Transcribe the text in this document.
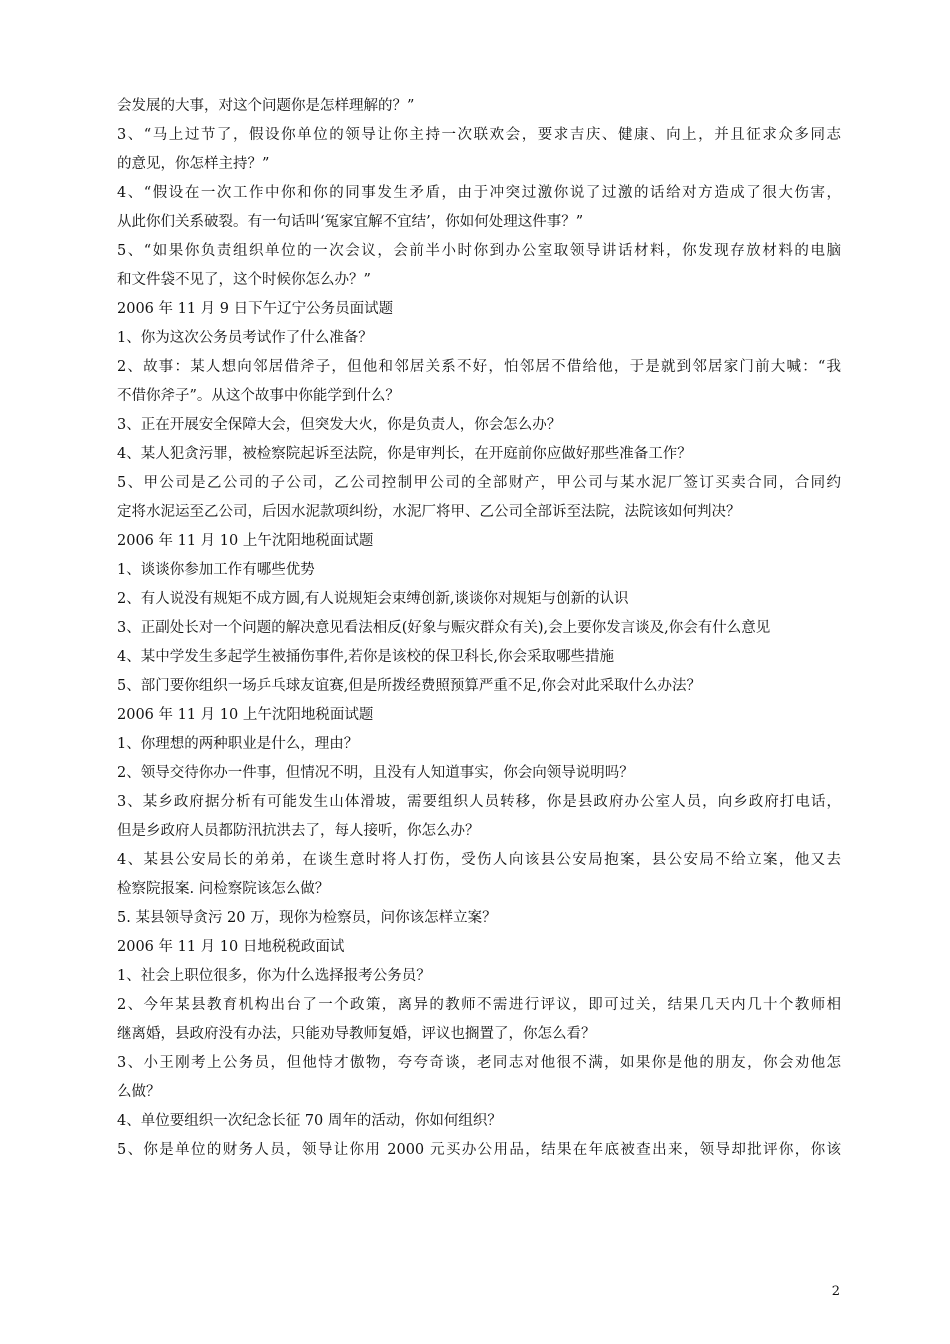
会发展的大事，对这个问题你是怎样理解的？”
3、“马上过节了，假设你单位的领导让你主持一次联欢会，要求吉庆、健康、向上，并且征求众多同志
的意见，你怎样主持？”
4、“假设在一次工作中你和你的同事发生矛盾，由于冲突过激你说了过激的话给对方造成了很大伤害，
从此你们关系破裂。有一句话叫‘冤家宜解不宜结’，你如何处理这件事？”
5、“如果你负责组织单位的一次会议，会前半小时你到办公室取领导讲话材料，你发现存放材料的电脑
和文件袋不见了，这个时候你怎么办？”
2006 年 11 月 9 日下午辽宁公务员面试题
1、你为这次公务员考试作了什么准备？
2、故事：某人想向邻居借斧子，但他和邻居关系不好，怕邻居不借给他，于是就到邻居家门前大喊：“我
不借你斧子”。从这个故事中你能学到什么？
3、正在开展安全保障大会，但突发大火，你是负责人，你会怎么办？
4、某人犯贪污罪，被检察院起诉至法院，你是审判长，在开庭前你应做好那些准备工作？
5、甲公司是乙公司的子公司，乙公司控制甲公司的全部财产，甲公司与某水泥厂签订买卖合同，合同约
定将水泥运至乙公司，后因水泥款项纠纷，水泥厂将甲、乙公司全部诉至法院，法院该如何判决？
2006 年 11 月 10 上午沈阳地税面试题
1、谈谈你参加工作有哪些优势
2、有人说没有规矩不成方圆,有人说规矩会束缚创新,谈谈你对规矩与创新的认识
3、正副处长对一个问题的解决意见看法相反(好象与赈灾群众有关),会上要你发言谈及,你会有什么意见
4、某中学发生多起学生被捅伤事件,若你是该校的保卫科长,你会采取哪些措施
5、部门要你组织一场乒乓球友谊赛,但是所拨经费照预算严重不足,你会对此采取什么办法？
2006 年 11 月 10 上午沈阳地税面试题
1、你理想的两种职业是什么，理由？
2、领导交待你办一件事，但情况不明，且没有人知道事实，你会向领导说明吗？
3、某乡政府据分析有可能发生山体滑坡，需要组织人员转移，你是县政府办公室人员，向乡政府打电话，
但是乡政府人员都防汛抗洪去了，每人接听，你怎么办？
4、某县公安局长的弟弟，在谈生意时将人打伤，受伤人向该县公安局抱案，县公安局不给立案，他又去
检察院报案. 问检察院该怎么做？
5. 某县领导贪污 20 万，现你为检察员，问你该怎样立案？
2006 年 11 月 10 日地税税政面试
1、社会上职位很多，你为什么选择报考公务员？
2、今年某县教育机构出台了一个政策，离异的教师不需进行评议，即可过关，结果几天内几十个教师相
继离婚，县政府没有办法，只能劝导教师复婚，评议也搁置了，你怎么看？
3、小王刚考上公务员，但他恃才傲物，夸夸奇谈，老同志对他很不满，如果你是他的朋友，你会劝他怎
么做？
4、单位要组织一次纪念长征 70 周年的活动，你如何组织？
5、你是单位的财务人员，领导让你用 2000 元买办公用品，结果在年底被查出来，领导却批评你，你该
2
